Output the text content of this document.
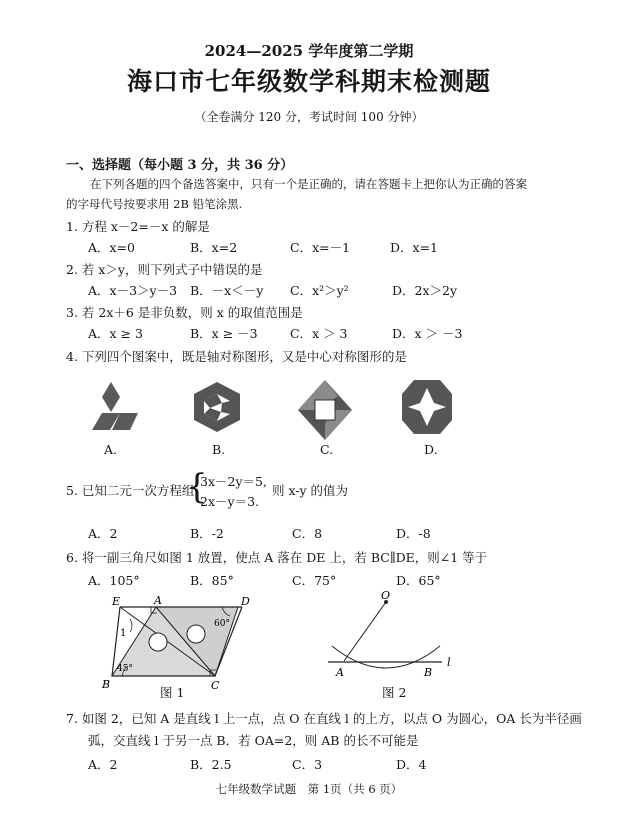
2024—2025 学年度第二学期
海口市七年级数学科期末检测题
（全卷满分 120 分，考试时间 100 分钟）
一、选择题（每小题 3 分，共 36 分）
在下列各题的四个备选答案中，只有一个是正确的，请在答题卡上把你认为正确的答案
的字母代号按要求用 2B 铅笔涂黑.
1. 方程 x－2=－x 的解是
A．x=0	B．x=2	C．x=－1	D．x=1
2. 若 x＞y，则下列式子中错误的是
A．x－3＞y－3 B．－x＜－y C．x²＞y²	D．2x＞2y
3. 若 2x＋6 是非负数，则 x 的取值范围是
A．x ≥ 3	B．x ≥ －3	C．x ＞ 3	D．x ＞ －3
4. 下列四个图案中，既是轴对称图形，又是中心对称图形的是
A.	B.	C.	D.
5. 已知二元一次方程组
{
3x－2y＝5,
2x－y＝3.
则 x-y 的值为
A．2	B．-2	C．8	D．-8
6. 将一副三角尺如图 1 放置，使点 A 落在 DE 上，若 BC∥DE，则∠1 等于
A．105°	B．85°	C．75°	D．65°
E	A	D
B	C
1
60°
45°
图 1
O
A	B
l
图 2
7. 如图 2，已知 A 是直线 l 上一点，点 O 在直线 l 的上方，以点 O 为圆心，OA 长为半径画
弧，交直线 l 于另一点 B．若 OA=2，则 AB 的长不可能是
A．2	B．2.5	C．3	D．4
七年级数学试题　第 1页（共 6 页）
